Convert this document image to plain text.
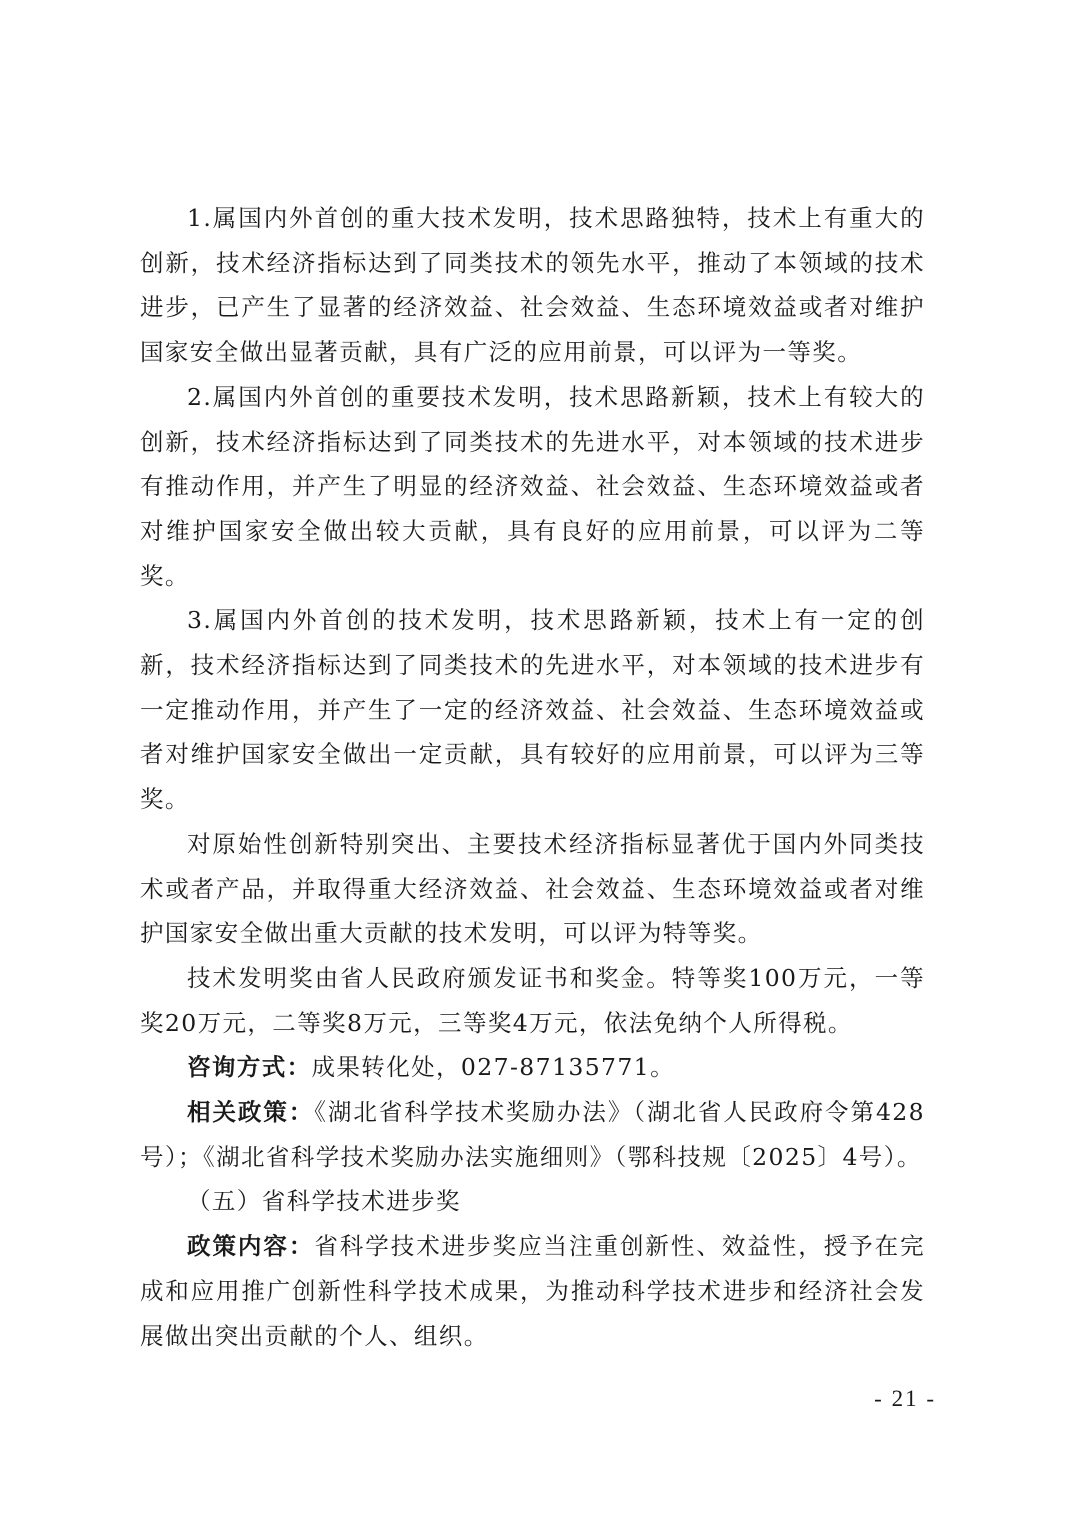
1.属国内外首创的重大技术发明，技术思路独特，技术上有重大的创新，技术经济指标达到了同类技术的领先水平，推动了本领域的技术进步，已产生了显著的经济效益、社会效益、生态环境效益或者对维护国家安全做出显著贡献，具有广泛的应用前景，可以评为一等奖。

2.属国内外首创的重要技术发明，技术思路新颖，技术上有较大的创新，技术经济指标达到了同类技术的先进水平，对本领域的技术进步有推动作用，并产生了明显的经济效益、社会效益、生态环境效益或者对维护国家安全做出较大贡献，具有良好的应用前景，可以评为二等奖。

3.属国内外首创的技术发明，技术思路新颖，技术上有一定的创新，技术经济指标达到了同类技术的先进水平，对本领域的技术进步有一定推动作用，并产生了一定的经济效益、社会效益、生态环境效益或者对维护国家安全做出一定贡献，具有较好的应用前景，可以评为三等奖。

对原始性创新特别突出、主要技术经济指标显著优于国内外同类技术或者产品，并取得重大经济效益、社会效益、生态环境效益或者对维护国家安全做出重大贡献的技术发明，可以评为特等奖。

技术发明奖由省人民政府颁发证书和奖金。特等奖100万元，一等奖20万元，二等奖8万元，三等奖4万元，依法免纳个人所得税。

咨询方式：成果转化处，027-87135771。

相关政策：《湖北省科学技术奖励办法》（湖北省人民政府令第428号）；《湖北省科学技术奖励办法实施细则》（鄂科技规〔2025〕4号）。

（五）省科学技术进步奖

政策内容：省科学技术进步奖应当注重创新性、效益性，授予在完成和应用推广创新性科学技术成果，为推动科学技术进步和经济社会发展做出突出贡献的个人、组织。

- 21 -
